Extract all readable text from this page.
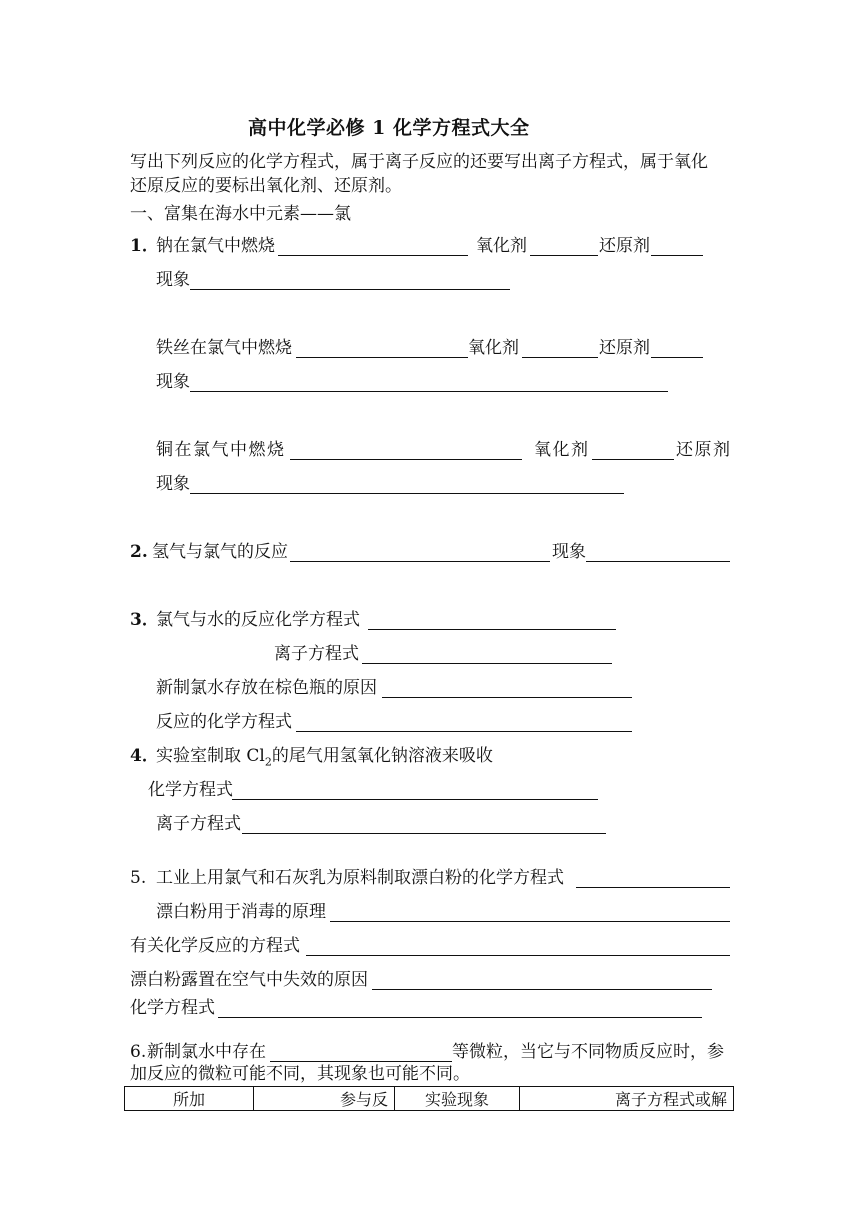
高中化学必修 1 化学方程式大全
写出下列反应的化学方程式，属于离子反应的还要写出离子方程式，属于氧化
还原反应的要标出氧化剂、还原剂。
一、富集在海水中元素——氯
1．
钠在氯气中燃烧	氧化剂	还原剂
现象
铁丝在氯气中燃烧	氧化剂	还原剂
现象
铜在氯气中燃烧	氧化剂	还原剂
现象
2. 氢气与氯气的反应	现象
3．
氯气与水的反应化学方程式
离子方程式
新制氯水存放在棕色瓶的原因
反应的化学方程式
4．
实验室制取 $Cl_2$的尾气用氢氧化钠溶液来吸收
化学方程式
离子方程式
5. 工业上用氯气和石灰乳为原料制取漂白粉的化学方程式
漂白粉用于消毒的原理
有关化学反应的方程式
漂白粉露置在空气中失效的原因
化学方程式
6. 新制氯水中存在	等微粒，当它与不同物质反应时，参
加反应的微粒可能不同，其现象也可能不同。
所加	参与反	实验现象	离子方程式或解
